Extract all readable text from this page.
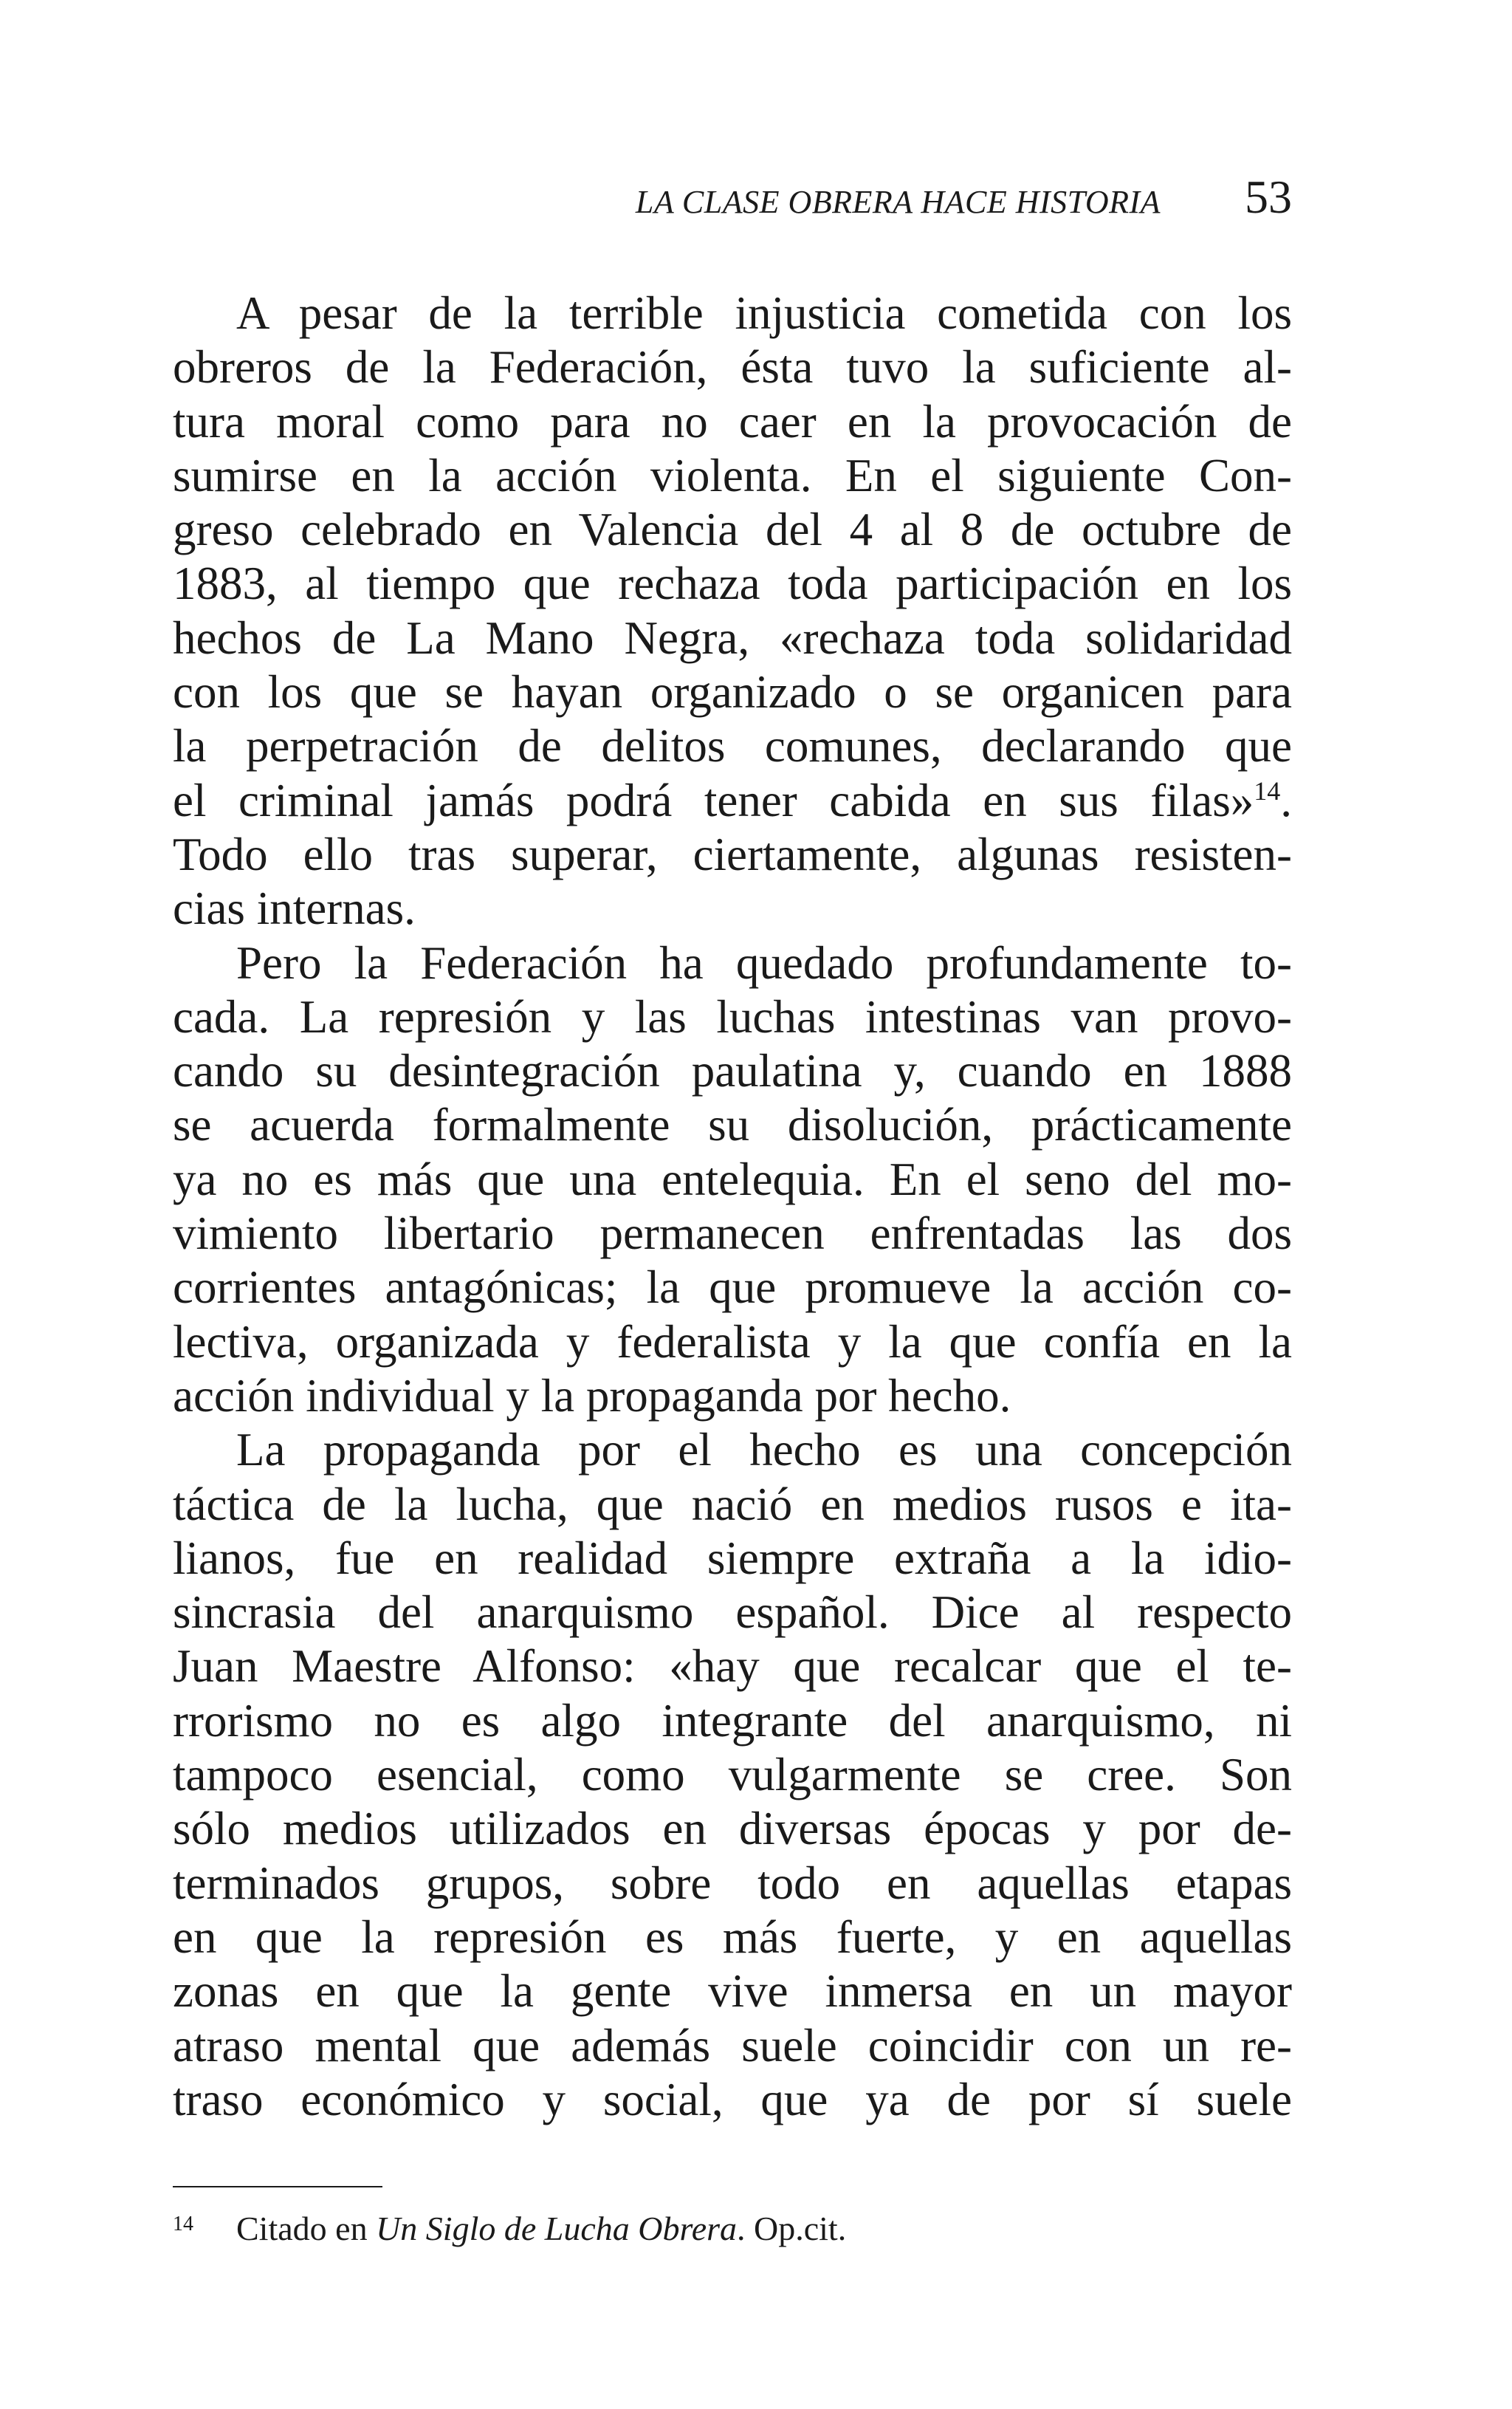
LA CLASE OBRERA HACE HISTORIA 53

A pesar de la terrible injusticia cometida con los

obreros de la Federación, ésta tuvo la suficiente al-

tura moral como para no caer en la provocación de

sumirse en la acción violenta. En el siguiente Con-

greso celebrado en Valencia del 4 al 8 de octubre de

1883, al tiempo que rechaza toda participación en los

hechos de La Mano Negra, «rechaza toda solidaridad

con los que se hayan organizado o se organicen para

la perpetración de delitos comunes, declarando que

el criminal jamás podrá tener cabida en sus filas»$^{14}$.

Todo ello tras superar, ciertamente, algunas resisten-

cias internas.

Pero la Federación ha quedado profundamente to-

cada. La represión y las luchas intestinas van provo-

cando su desintegración paulatina y, cuando en 1888

se acuerda formalmente su disolución, prácticamente

ya no es más que una entelequia. En el seno del mo-

vimiento libertario permanecen enfrentadas las dos

corrientes antagónicas; la que promueve la acción co-

lectiva, organizada y federalista y la que confía en la

acción individual y la propaganda por hecho.

La propaganda por el hecho es una concepción

táctica de la lucha, que nació en medios rusos e ita-

lianos, fue en realidad siempre extraña a la idio-

sincrasia del anarquismo español. Dice al respecto

Juan Maestre Alfonso: «hay que recalcar que el te-

rrorismo no es algo integrante del anarquismo, ni

tampoco esencial, como vulgarmente se cree. Son

sólo medios utilizados en diversas épocas y por de-

terminados grupos, sobre todo en aquellas etapas

en que la represión es más fuerte, y en aquellas

zonas en que la gente vive inmersa en un mayor

atraso mental que además suele coincidir con un re-

traso económico y social, que ya de por sí suele

14 Citado en Un Siglo de Lucha Obrera. Op.cit.
